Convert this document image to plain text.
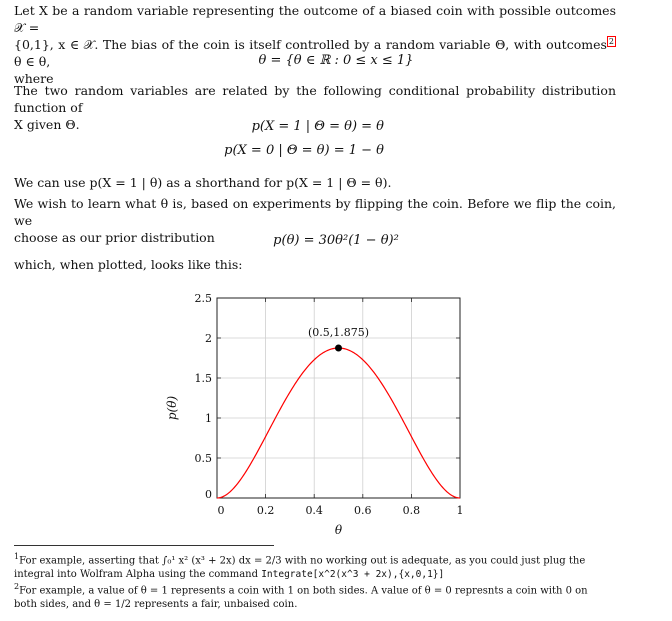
Let X be a random variable representing the outcome of a biased coin with possible outcomes 𝒳 =
{0,1}, x ∈ 𝒳. The bias of the coin is itself controlled by a random variable Θ, with outcomes $^2$ θ ∈ θ,
where
θ = {θ ∈ ℝ : 0 ≤ x ≤ 1}
The two random variables are related by the following conditional probability distribution function of
X given Θ.	p(X = 1 | Θ = θ) = θ
p(X = 0 | Θ = θ) = 1 − θ
We can use p(X = 1 | θ) as a shorthand for p(X = 1 | Θ = θ).
We wish to learn what θ is, based on experiments by flipping the coin. Before we flip the coin, we
choose as our prior distribution	p(θ) = 30θ²(1 − θ)²
which, when plotted, looks like this:
0	0.2	0.4	0.6	0.8	1
0
0.5
1
1.5
2
2.5
(0.5,1.875)
θ
p(θ)
$^1$For example, asserting that ∫₀¹ x² (x³ + 2x) dx = 2/3 with no working out is adequate, as you could just plug the
integral into Wolfram Alpha using the command Integrate[x^2(x^3 + 2x),{x,0,1}]
$^2$For example, a value of θ = 1 represents a coin with 1 on both sides. A value of θ = 0 represnts a coin with 0 on
both sides, and θ = 1/2 represents a fair, unbaised coin.
